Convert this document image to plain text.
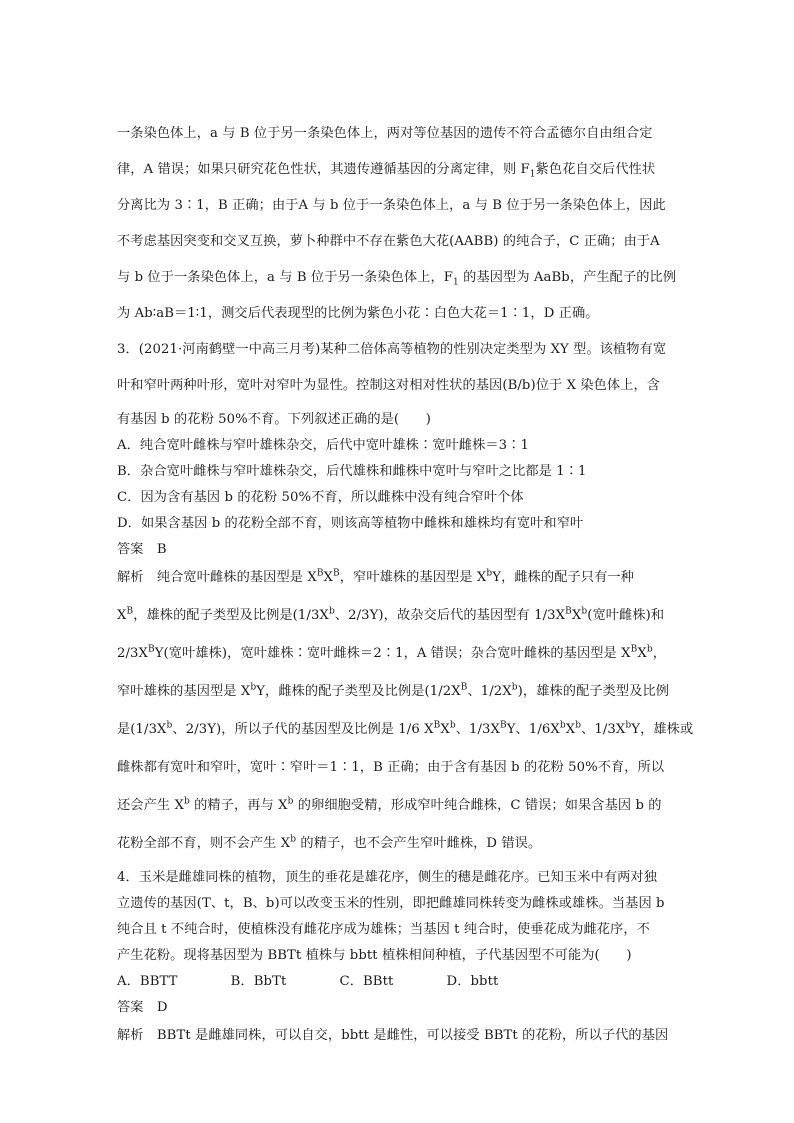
一条染色体上，a 与 B 位于另一条染色体上，两对等位基因的遗传不符合孟德尔自由组合定
律，A 错误；如果只研究花色性状，其遗传遵循基因的分离定律，则 $F_1$紫色花自交后代性状
分离比为 3∶1，B 正确；由于A 与 b 位于一条染色体上，a 与 B 位于另一条染色体上，因此
不考虑基因突变和交叉互换，萝卜种群中不存在紫色大花(AABB) 的纯合子，C 正确；由于A
与 b 位于一条染色体上，a 与 B 位于另一条染色体上，$F_1$ 的基因型为 AaBb，产生配子的比例
为 Ab∶aB＝1∶1，测交后代表现型的比例为紫色小花∶白色大花＝1∶1，D 正确。
3．(2021·河南鹤壁一中高三月考)某种二倍体高等植物的性别决定类型为 XY 型。该植物有宽
叶和窄叶两种叶形，宽叶对窄叶为显性。控制这对相对性状的基因(B/b)位于 X 染色体上，含
有基因 b 的花粉 50%不育。下列叙述正确的是(　　)
A．纯合宽叶雌株与窄叶雄株杂交，后代中宽叶雄株∶宽叶雌株＝3∶1
B．杂合宽叶雌株与窄叶雄株杂交，后代雄株和雌株中宽叶与窄叶之比都是 1∶1
C．因为含有基因 b 的花粉 50%不育，所以雌株中没有纯合窄叶个体
D．如果含基因 b 的花粉全部不育，则该高等植物中雌株和雄株均有宽叶和窄叶
答案　B
解析　纯合宽叶雌株的基因型是 $X^BX^B$，窄叶雄株的基因型是 $X^bY$，雌株的配子只有一种
$X^B$，雄株的配子类型及比例是($1/3X^b$、2/3Y)，故杂交后代的基因型有 $1/3X^BX^b$(宽叶雌株)和
$2/3X^BY$(宽叶雄株)，宽叶雄株∶宽叶雌株＝2∶1，A 错误；杂合宽叶雌株的基因型是 $X^BX^b$，
窄叶雄株的基因型是 $X^bY$，雌株的配子类型及比例是($1/2X^B$、$1/2X^b$)，雄株的配子类型及比例
是($1/3X^b$、2/3Y)，所以子代的基因型及比例是 1/6 $X^BX^b$、$1/3X^BY$、$1/6X^bX^b$、$1/3X^bY$，雄株或
雌株都有宽叶和窄叶，宽叶∶窄叶＝1∶1，B 正确；由于含有基因 b 的花粉 50%不育，所以
还会产生 $X^b$ 的精子，再与 $X^b$ 的卵细胞受精，形成窄叶纯合雌株，C 错误；如果含基因 b 的
花粉全部不育，则不会产生 $X^b$ 的精子，也不会产生窄叶雌株，D 错误。
4．玉米是雌雄同株的植物，顶生的垂花是雄花序，侧生的穗是雌花序。已知玉米中有两对独
立遗传的基因(T、t，B、b)可以改变玉米的性别，即把雌雄同株转变为雌株或雄株。当基因 b
纯合且 t 不纯合时，使植株没有雌花序成为雄株；当基因 t 纯合时，使垂花成为雌花序，不
产生花粉。现将基因型为 BBTt 植株与 bbtt 植株相间种植，子代基因型不可能为(　　)
A．BBTT　　　　B．BbTt　　　　C．BBtt　　　　D．bbtt
答案　D
解析　BBTt 是雌雄同株，可以自交，bbtt 是雌性，可以接受 BBTt 的花粉，所以子代的基因
